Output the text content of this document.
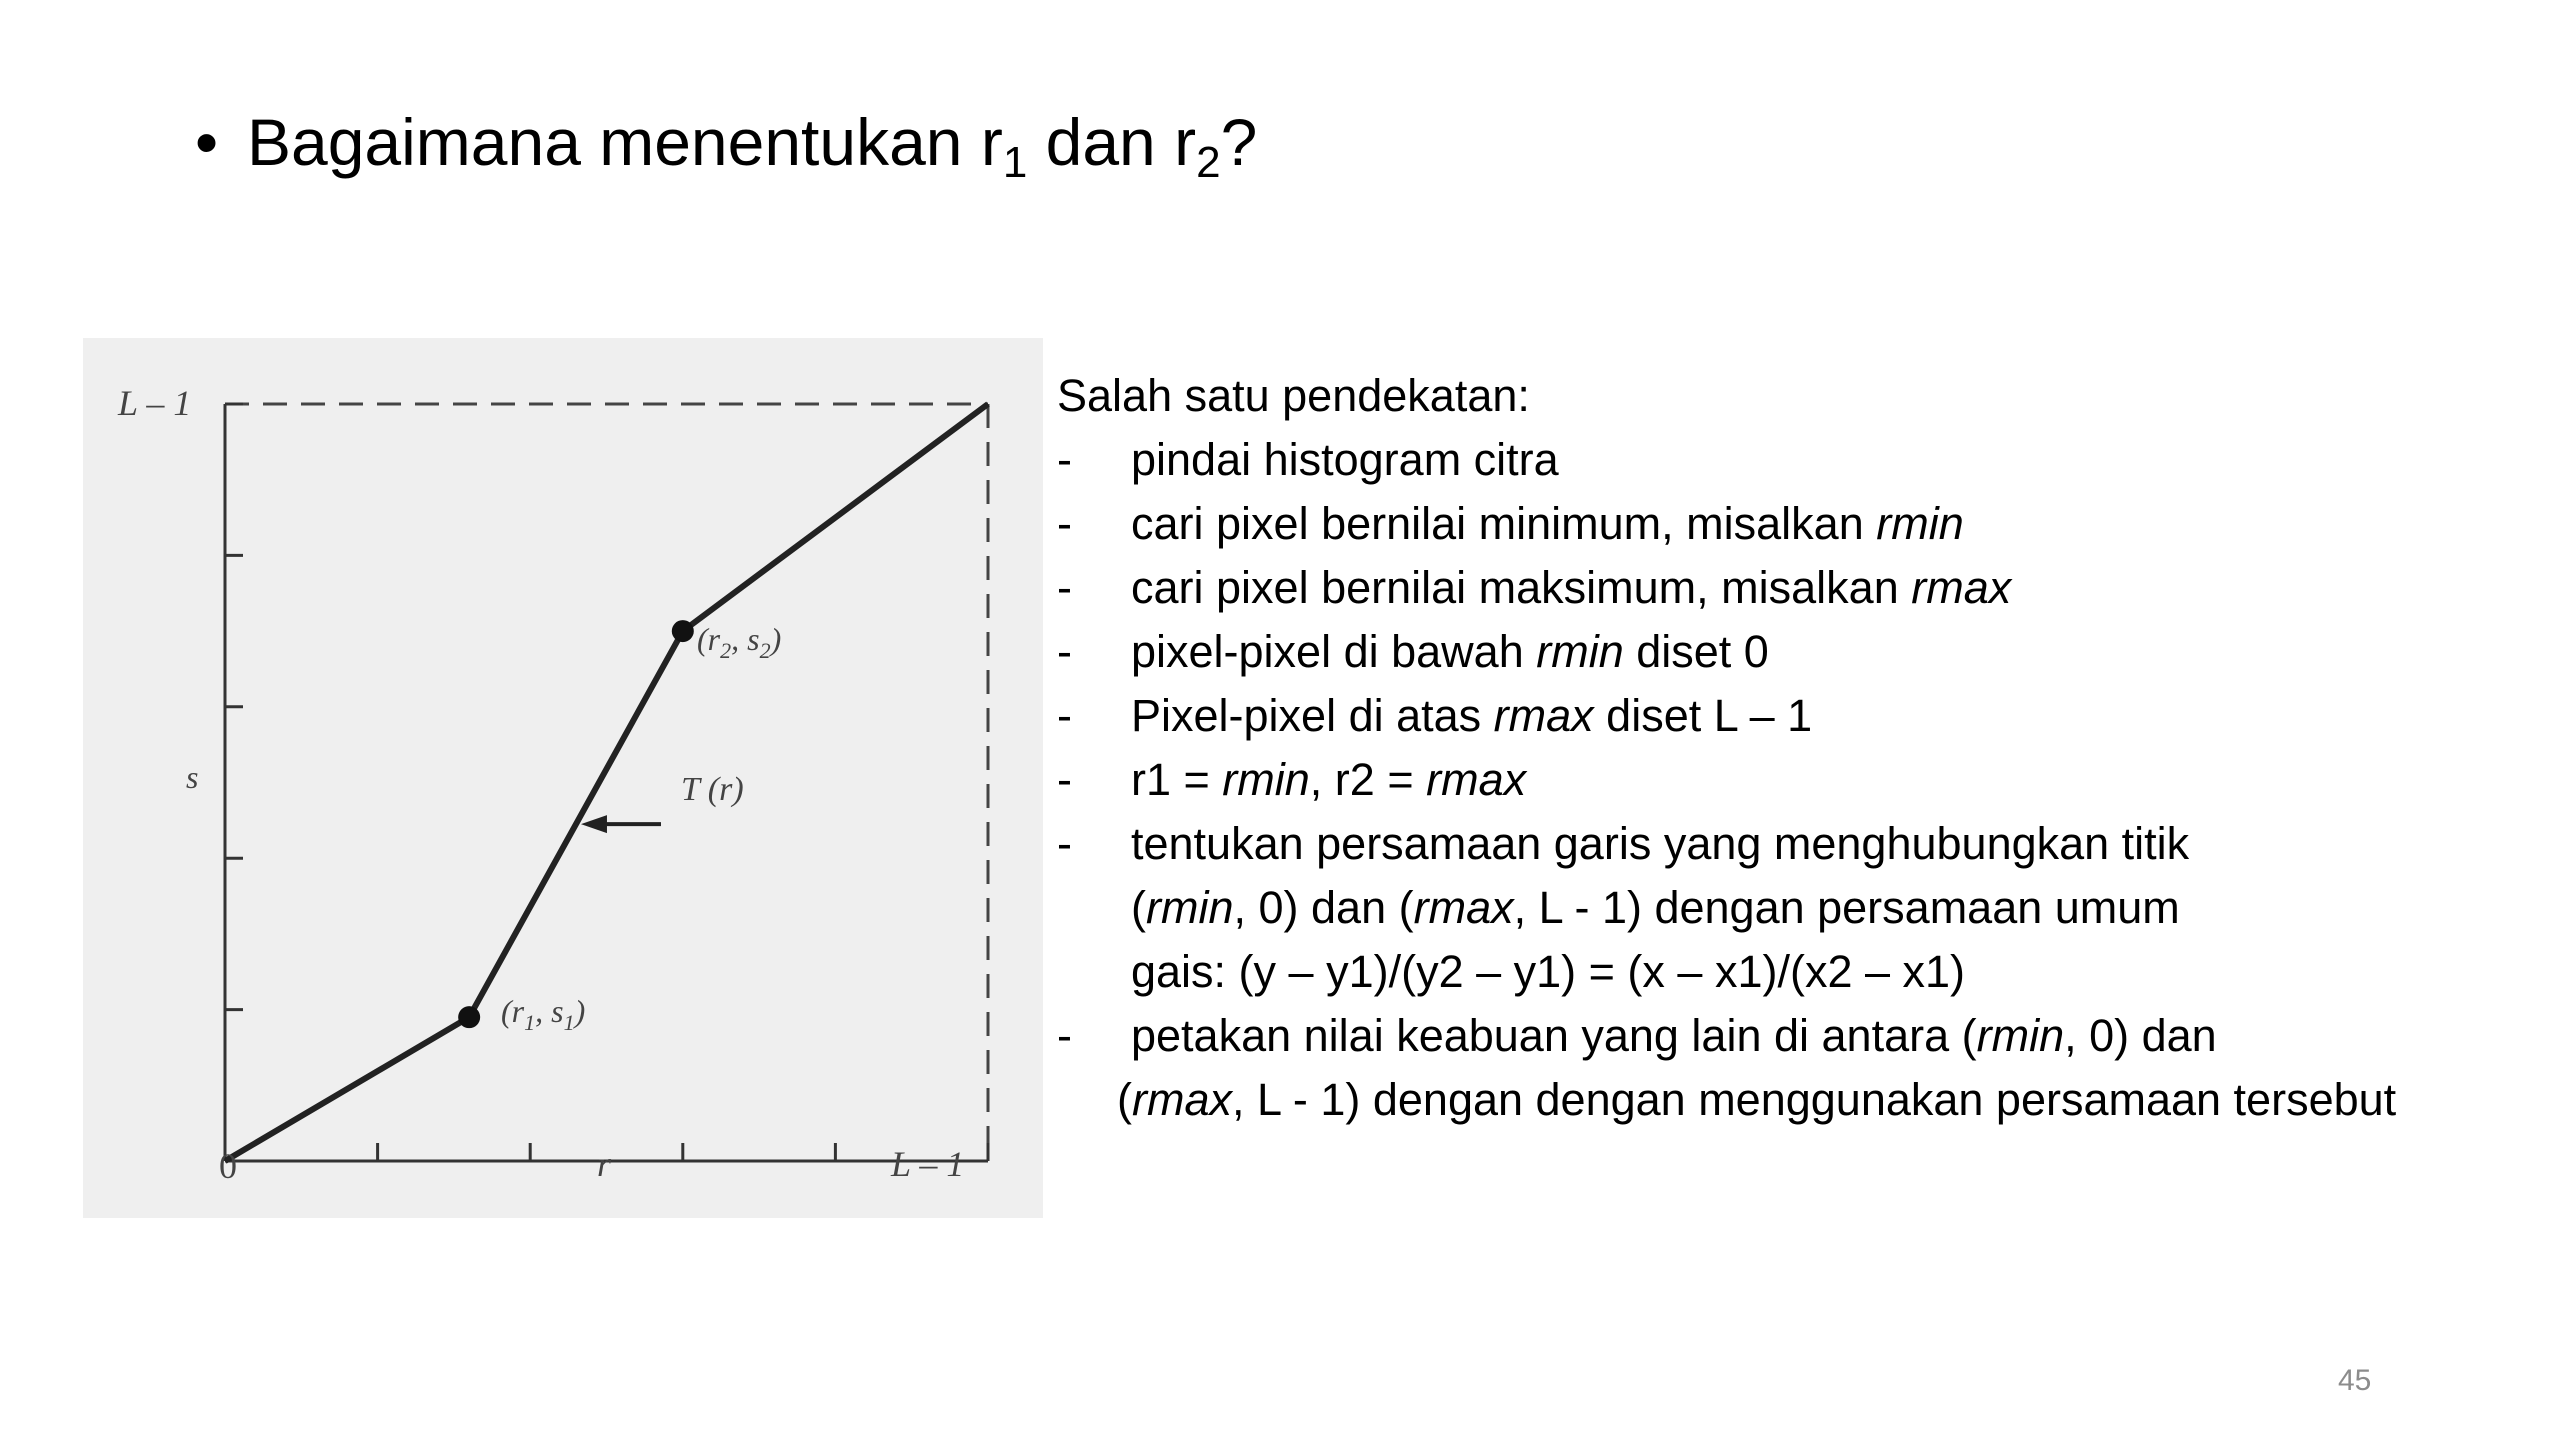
• Bagaimana menentukan $r_1$ dan $r_2$?
L – 1
s
0	r	L – 1
T (r)
($r_1$, $s_1$)
($r_2$, $s_2$)
Salah satu pendekatan:
-	pindai histogram citra
-	cari pixel bernilai minimum, misalkan rmin
-	cari pixel bernilai maksimum, misalkan rmax
-	pixel-pixel di bawah rmin diset 0
-	Pixel-pixel di atas rmax diset L – 1
-	r1 = rmin, r2 = rmax
-	tentukan persamaan garis yang menghubungkan titik
(rmin, 0) dan (rmax, L - 1) dengan persamaan umum
gais: (y – y1)/(y2 – y1) = (x – x1)/(x2 – x1)
-	petakan nilai keabuan yang lain di antara (rmin, 0) dan
(rmax, L - 1) dengan dengan menggunakan persamaan tersebut
45
